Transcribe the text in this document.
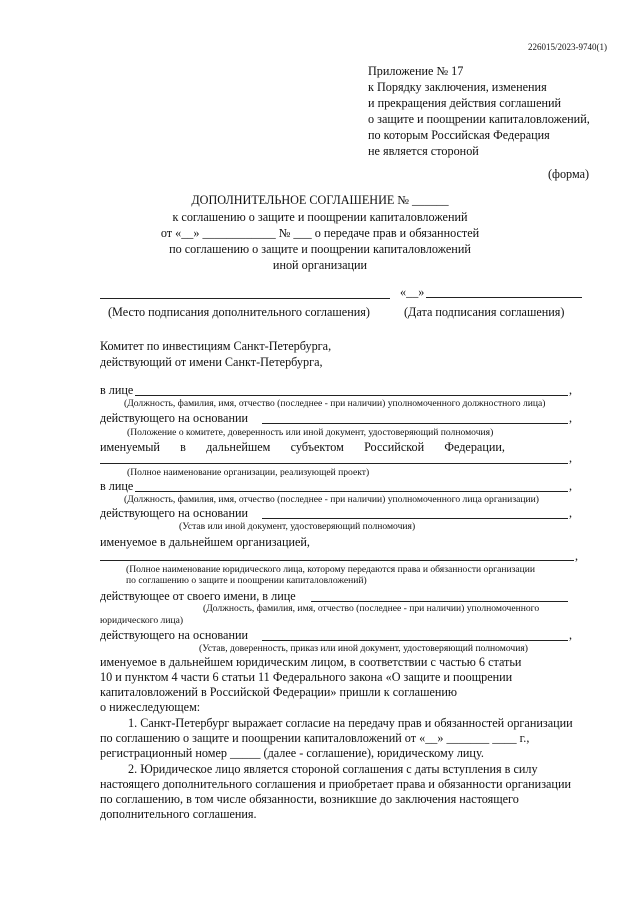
226015/2023-9740(1)
Приложение № 17
к Порядку заключения, изменения
и прекращения действия соглашений
о защите и поощрении капиталовложений,
по которым Российская Федерация
не является стороной
(форма)
ДОПОЛНИТЕЛЬНОЕ СОГЛАШЕНИЕ № ______
к соглашению о защите и поощрении капиталовложений
от «__» ____________ № ___ о передаче прав и обязанностей
по соглашению о защите и поощрении капиталовложений
иной организации
«__»
(Место подписания дополнительного соглашения)	(Дата подписания соглашения)
Комитет по инвестициям Санкт-Петербурга,
действующий от имени Санкт-Петербурга,
в лице	,
(Должность, фамилия, имя, отчество (последнее - при наличии) уполномоченного должностного лица)
действующего на основании	,
(Положение о комитете, доверенность или иной документ, удостоверяющий полномочия)
именуемый в дальнейшем субъектом Российской Федерации,
,
(Полное наименование организации, реализующей проект)
в лице	,
(Должность, фамилия, имя, отчество (последнее - при наличии) уполномоченного лица организации)
действующего на основании	,
(Устав или иной документ, удостоверяющий полномочия)
именуемое в дальнейшем организацией,
,
(Полное наименование юридического лица, которому передаются права и обязанности организации
по соглашению о защите и поощрении капиталовложений)
действующее от своего имени, в лице
(Должность, фамилия, имя, отчество (последнее - при наличии) уполномоченного
юридического лица)
действующего на основании	,
(Устав, доверенность, приказ или иной документ, удостоверяющий полномочия)
именуемое в дальнейшем юридическим лицом, в соответствии с частью 6 статьи
10 и пунктом 4 части 6 статьи 11 Федерального закона «О защите и поощрении
капиталовложений в Российской Федерации» пришли к соглашению
о нижеследующем:
1. Санкт-Петербург выражает согласие на передачу прав и обязанностей организации
по соглашению о защите и поощрении капиталовложений от «__» _______ ____ г.,
регистрационный номер _____ (далее - соглашение), юридическому лицу.
2. Юридическое лицо является стороной соглашения с даты вступления в силу
настоящего дополнительного соглашения и приобретает права и обязанности организации
по соглашению, в том числе обязанности, возникшие до заключения настоящего
дополнительного соглашения.
